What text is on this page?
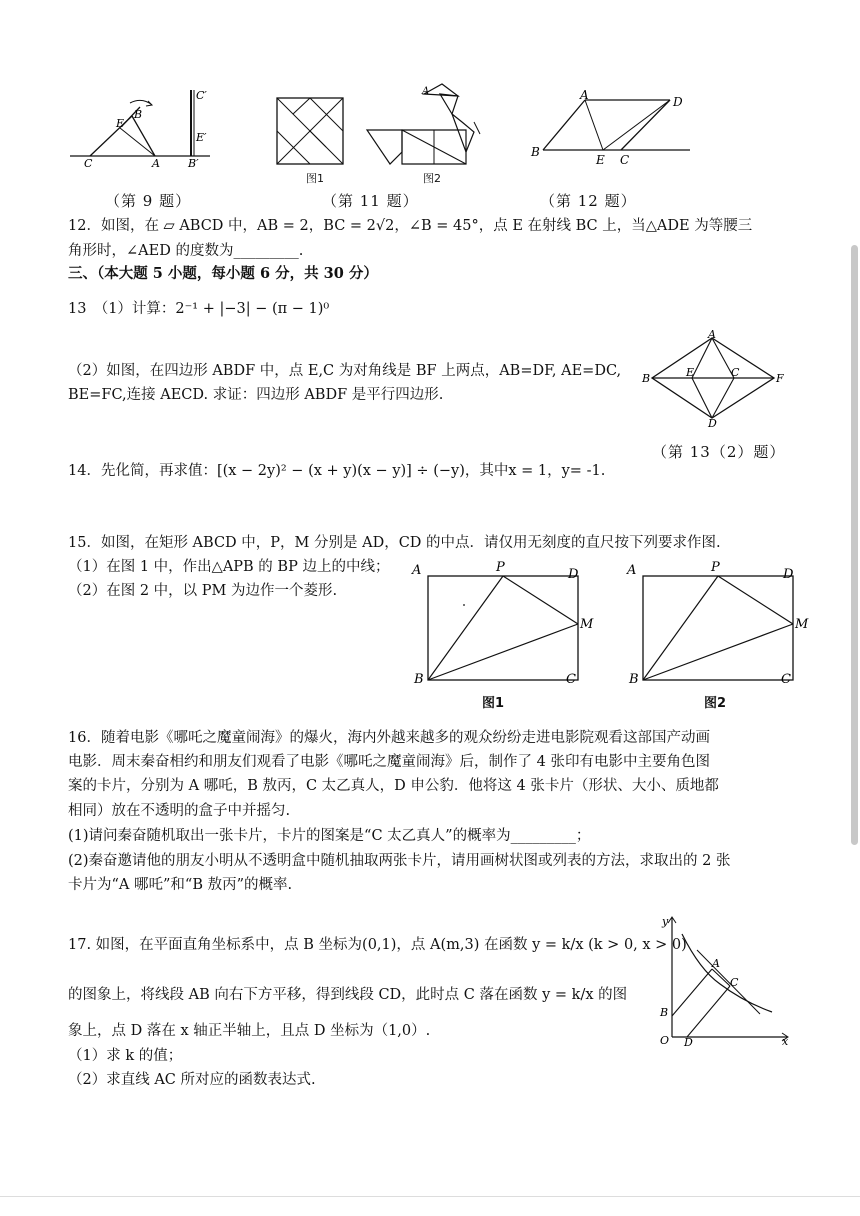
C
E
B
A
C′
E′
B′
图1
A
图2
A	D
B
E C
（第 9 题）	（第 11 题）	（第 12 题）
12．如图，在 ▱ ABCD 中，AB = 2，BC = 2√2，∠B = 45°，点 E 在射线 BC 上，当△ADE 为等腰三
角形时，∠AED 的度数为_________.
三、（本大题 5 小题，每小题 6 分，共 30 分）
13　（1）计算：2⁻¹ + |−3| − (π − 1)⁰
（2）如图，在四边形 ABDF 中，点 E,C 为对角线是 BF 上两点，AB=DF, AE=DC,
BE=FC,连接 AECD. 求证：四边形 ABDF 是平行四边形.
A
B	E	C	F
D
（第 13（2）题）
14．先化简，再求值：[(x − 2y)² − (x + y)(x − y)] ÷ (−y)，其中x = 1，y= -1.
15．如图，在矩形 ABCD 中，P，M 分别是 AD，CD 的中点．请仅用无刻度的直尺按下列要求作图.
（1）在图 1 中，作出△APB 的 BP 边上的中线；
（2）在图 2 中，以 PM 为边作一个菱形.
A	P	D
M
B	C
图1
A	P	D
M
B	C
图2
16．随着电影《哪吒之魔童闹海》的爆火，海内外越来越多的观众纷纷走进电影院观看这部国产动画
电影．周末秦奋相约和朋友们观看了电影《哪吒之魔童闹海》后，制作了 4 张印有电影中主要角色图
案的卡片，分别为 A 哪吒，B 敖丙，C 太乙真人，D 申公豹．他将这 4 张卡片（形状、大小、质地都
相同）放在不透明的盒子中并摇匀.
(1)请问秦奋随机取出一张卡片，卡片的图案是“C 太乙真人”的概率为_________；
(2)秦奋邀请他的朋友小明从不透明盒中随机抽取两张卡片，请用画树状图或列表的方法，求取出的 2 张
卡片为“A 哪吒”和“B 敖丙”的概率.
17. 如图，在平面直角坐标系中，点 B 坐标为(0,1)，点 A(m,3) 在函数 y = k/x (k > 0, x > 0)
的图象上，将线段 AB 向右下方平移，得到线段 CD，此时点 C 落在函数 y = k/x 的图
象上，点 D 落在 x 轴正半轴上，且点 D 坐标为（1,0）.
（1）求 k 的值；
（2）求直线 AC 所对应的函数表达式.
y
x
O D
B
A
C
